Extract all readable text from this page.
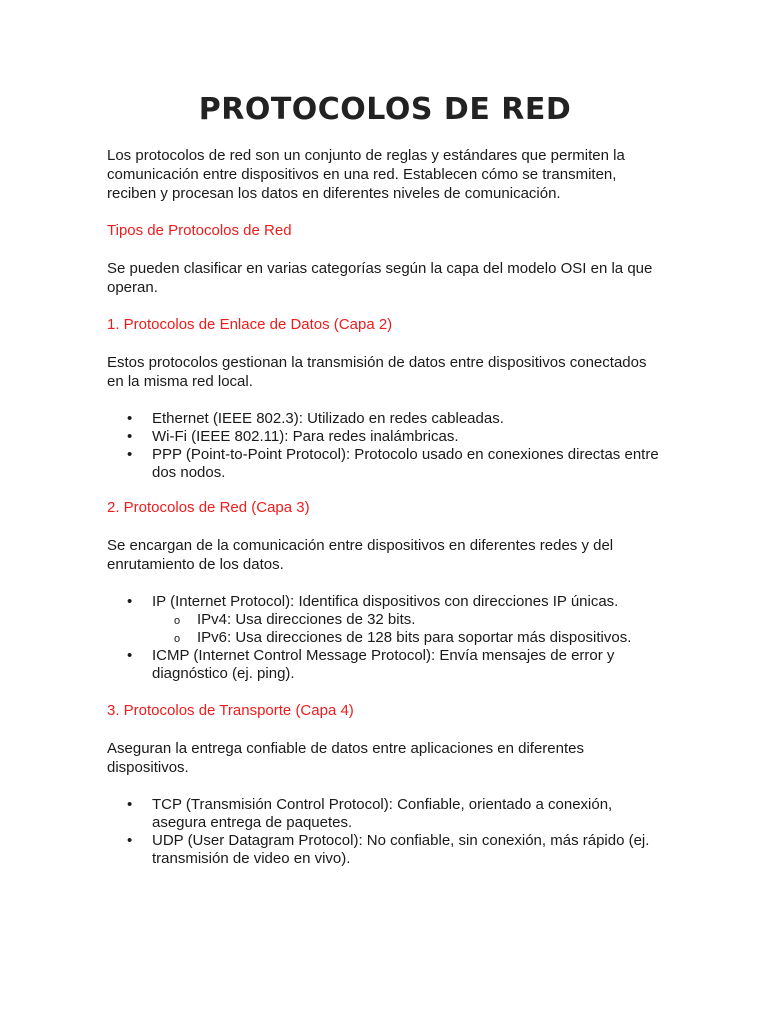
PROTOCOLOS DE RED

Los protocolos de red son un conjunto de reglas y estándares que permiten la comunicación entre dispositivos en una red. Establecen cómo se transmiten, reciben y procesan los datos en diferentes niveles de comunicación.

Tipos de Protocolos de Red

Se pueden clasificar en varias categorías según la capa del modelo OSI en la que operan.

1. Protocolos de Enlace de Datos (Capa 2)

Estos protocolos gestionan la transmisión de datos entre dispositivos conectados en la misma red local.

• Ethernet (IEEE 802.3): Utilizado en redes cableadas.
• Wi-Fi (IEEE 802.11): Para redes inalámbricas.
• PPP (Point-to-Point Protocol): Protocolo usado en conexiones directas entre dos nodos.

2. Protocolos de Red (Capa 3)

Se encargan de la comunicación entre dispositivos en diferentes redes y del enrutamiento de los datos.

• IP (Internet Protocol): Identifica dispositivos con direcciones IP únicas.
o IPv4: Usa direcciones de 32 bits.
o IPv6: Usa direcciones de 128 bits para soportar más dispositivos.
• ICMP (Internet Control Message Protocol): Envía mensajes de error y diagnóstico (ej. ping).

3. Protocolos de Transporte (Capa 4)

Aseguran la entrega confiable de datos entre aplicaciones en diferentes dispositivos.

• TCP (Transmisión Control Protocol): Confiable, orientado a conexión, asegura entrega de paquetes.
• UDP (User Datagram Protocol): No confiable, sin conexión, más rápido (ej. transmisión de video en vivo).
